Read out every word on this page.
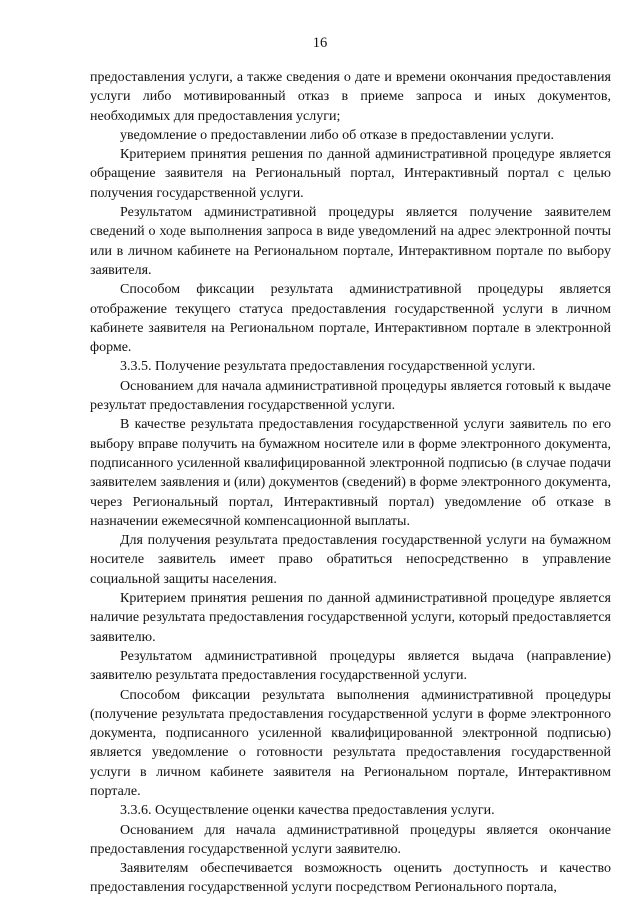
16

предоставления услуги, а также сведения о дате и времени окончания предоставления услуги либо мотивированный отказ в приеме запроса и иных документов, необходимых для предоставления услуги;

уведомление о предоставлении либо об отказе в предоставлении услуги.

Критерием принятия решения по данной административной процедуре является обращение заявителя на Региональный портал, Интерактивный портал с целью получения государственной услуги.

Результатом административной процедуры является получение заявителем сведений о ходе выполнения запроса в виде уведомлений на адрес электронной почты или в личном кабинете на Региональном портале, Интерактивном портале по выбору заявителя.

Способом фиксации результата административной процедуры является отображение текущего статуса предоставления государственной услуги в личном кабинете заявителя на Региональном портале, Интерактивном портале в электронной форме.

3.3.5. Получение результата предоставления государственной услуги.

Основанием для начала административной процедуры является готовый к выдаче результат предоставления государственной услуги.

В качестве результата предоставления государственной услуги заявитель по его выбору вправе получить на бумажном носителе или в форме электронного документа, подписанного усиленной квалифицированной электронной подписью (в случае подачи заявителем заявления и (или) документов (сведений) в форме электронного документа, через Региональный портал, Интерактивный портал) уведомление об отказе в назначении ежемесячной компенсационной выплаты.

Для получения результата предоставления государственной услуги на бумажном носителе заявитель имеет право обратиться непосредственно в управление социальной защиты населения.

Критерием принятия решения по данной административной процедуре является наличие результата предоставления государственной услуги, который предоставляется заявителю.

Результатом административной процедуры является выдача (направление) заявителю результата предоставления государственной услуги.

Способом фиксации результата выполнения административной процедуры (получение результата предоставления государственной услуги в форме электронного документа, подписанного усиленной квалифицированной электронной подписью) является уведомление о готовности результата предоставления государственной услуги в личном кабинете заявителя на Региональном портале, Интерактивном портале.

3.3.6. Осуществление оценки качества предоставления услуги.

Основанием для начала административной процедуры является окончание предоставления государственной услуги заявителю.

Заявителям обеспечивается возможность оценить доступность и качество предоставления государственной услуги посредством Регионального портала,
